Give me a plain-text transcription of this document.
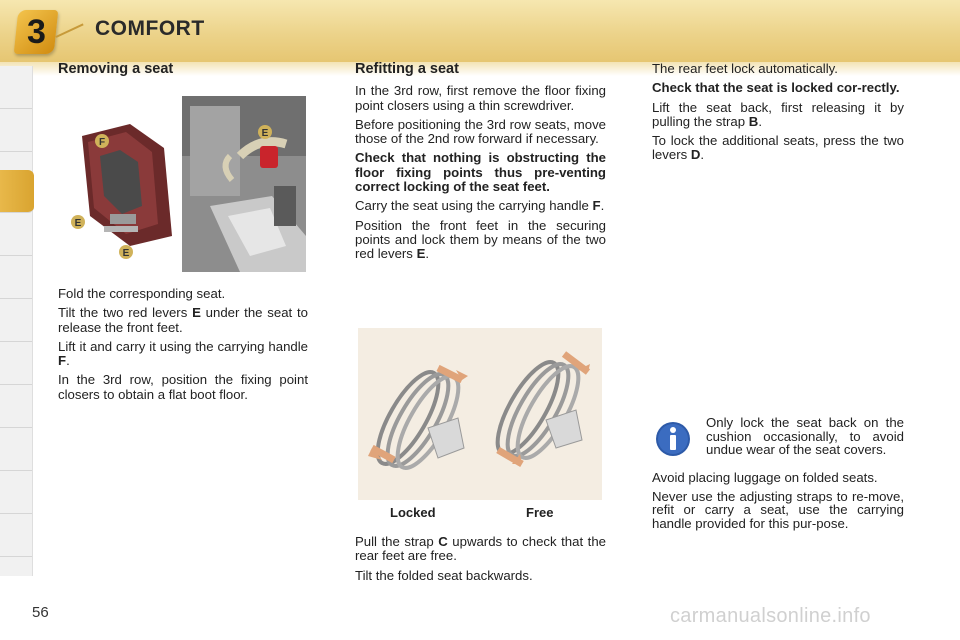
3 COMFORT
Removing a seat
F
E
E
E

Fold the corresponding seat.

Tilt the two red levers E under the seat to release the front feet.

Lift it and carry it using the carrying handle F.

In the 3rd row, position the fixing point closers to obtain a flat boot floor.

Refitting a seat

In the 3rd row, first remove the floor fixing point closers using a thin screwdriver.

Before positioning the 3rd row seats, move those of the 2nd row forward if necessary.

Check that nothing is obstructing the floor fixing points thus pre-venting correct locking of the seat feet.

Carry the seat using the carrying handle F.

Position the front feet in the securing points and lock them by means of the two red levers E.

Locked	Free

Pull the strap C upwards to check that the rear feet are free.

Tilt the folded seat backwards.

The rear feet lock automatically.

Check that the seat is locked cor-rectly.

Lift the seat back, first releasing it by pulling the strap B.

To lock the additional seats, press the two levers D.

Only lock the seat back on the cushion occasionally, to avoid undue wear of the seat covers.

Avoid placing luggage on folded seats.

Never use the adjusting straps to re-move, refit or carry a seat, use the carrying handle provided for this pur-pose.

56	carmanualsonline.info
